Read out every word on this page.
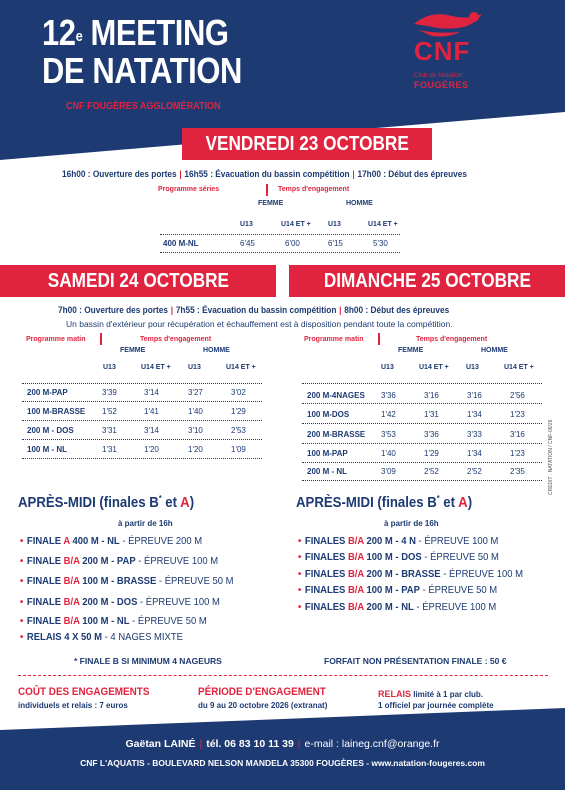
12e MEETING
DE NATATION
CNF FOUGÈRES AGGLOMÉRATION
CNF
Club de Natation
FOUGÈRES
VENDREDI 23 OCTOBRE
16h00 : Ouverture des portes | 16h55 : Évacuation du bassin compétition | 17h00 : Début des épreuves
Programme séries	Temps d'engagement
FEMME	HOMME
U13	U14 ET + U13	U14 ET +
400 M-NL	6'45	6'00	6'15	5'30
SAMEDI 24 OCTOBRE	DIMANCHE 25 OCTOBRE
7h00 : Ouverture des portes | 7h55 : Évacuation du bassin compétition | 8h00 : Début des épreuves
Un bassin d'extérieur pour récupération et échauffement est à disposition pendant toute la compétition.
Programme matin	Temps d'engagement
FEMME	HOMME
U13	U14 ET + U13	U14 ET +
200 M-PAP	3'39	3'14	3'27	3'02
100 M-BRASSE 1'52	1'41	1'40	1'29
200 M - DOS	3'31	3'14	3'10	2'53
100 M - NL	1'31	1'20	1'20	1'09
Programme matin	Temps d'engagement
FEMME	HOMME
U13	U14 ET + U13	U14 ET +
200 M-4NAGES 3'36	3'16	3'16	2'56
100 M-DOS	1'42	1'31	1'34	1'23
200 M-BRASSE 3'53	3'36	3'33	3'16
100 M-PAP	1'40	1'29	1'34	1'23
200 M - NL	3'09	2'52	2'52	2'35
APRÈS-MIDI (finales B* et A)
à partir de 16h
• FINALE A 400 M - NL - ÉPREUVE 200 M
• FINALE B/A 200 M - PAP - ÉPREUVE 100 M
• FINALE B/A 100 M - BRASSE - ÉPREUVE 50 M
• FINALE B/A 200 M - DOS - ÉPREUVE 100 M
• FINALE B/A 100 M - NL - ÉPREUVE 50 M
• RELAIS 4 X 50 M - 4 NAGES MIXTE
APRÈS-MIDI (finales B* et A)
à partir de 16h
• FINALES B/A 200 M - 4 N - ÉPREUVE 100 M
• FINALES B/A 100 M - DOS - ÉPREUVE 50 M
• FINALES B/A 200 M - BRASSE - ÉPREUVE 100 M
• FINALES B/A 100 M - PAP - ÉPREUVE 50 M
• FINALES B/A 200 M - NL - ÉPREUVE 100 M
CRÉDIT : NATATION / CNF-09/26
* FINALE B SI MINIMUM 4 NAGEURS	FORFAIT NON PRÉSENTATION FINALE : 50 €
COÛT DES ENGAGEMENTS
individuels et relais : 7 euros
PÉRIODE D'ENGAGEMENT
du 9 au 20 octobre 2026 (extranat)
RELAIS limité à 1 par club.
1 officiel par journée complète
Gaëtan LAINÉ | tél. 06 83 10 11 39 | e-mail : laineg.cnf@orange.fr
CNF L'AQUATIS - BOULEVARD NELSON MANDELA 35300 FOUGÈRES - www.natation-fougeres.com
